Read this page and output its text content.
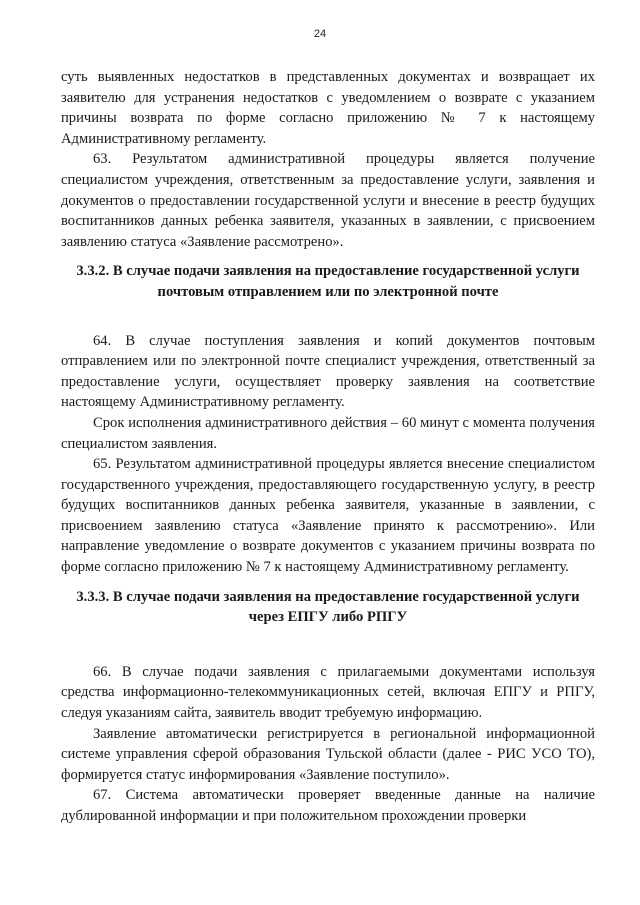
24

суть выявленных недостатков в представленных документах и возвращает их заявителю для устранения недостатков с уведомлением о возврате с указанием причины возврата по форме согласно приложению № 7 к настоящему Административному регламенту.

63. Результатом административной процедуры является получение специалистом учреждения, ответственным за предоставление услуги, заявления и документов о предоставлении государственной услуги и внесение в реестр будущих воспитанников данных ребенка заявителя, указанных в заявлении, с присвоением заявлению статуса «Заявление рассмотрено».

3.3.2. В случае подачи заявления на предоставление государственной услуги почтовым отправлением или по электронной почте

64. В случае поступления заявления и копий документов почтовым отправлением или по электронной почте специалист учреждения, ответственный за предоставление услуги, осуществляет проверку заявления на соответствие настоящему Административному регламенту.

Срок исполнения административного действия – 60 минут с момента получения специалистом заявления.

65. Результатом административной процедуры является внесение специалистом государственного учреждения, предоставляющего государственную услугу, в реестр будущих воспитанников данных ребенка заявителя, указанные в заявлении, с присвоением заявлению статуса «Заявление принято к рассмотрению». Или направление уведомление о возврате документов с указанием причины возврата по форме согласно приложению № 7 к настоящему Административному регламенту.

3.3.3. В случае подачи заявления на предоставление государственной услуги через ЕПГУ либо РПГУ

66. В случае подачи заявления с прилагаемыми документами используя средства информационно-телекоммуникационных сетей, включая ЕПГУ и РПГУ, следуя указаниям сайта, заявитель вводит требуемую информацию.

Заявление автоматически регистрируется в региональной информационной системе управления сферой образования Тульской области (далее - РИС УСО ТО), формируется статус информирования «Заявление поступило».

67. Система автоматически проверяет введенные данные на наличие дублированной информации и при положительном прохождении проверки
